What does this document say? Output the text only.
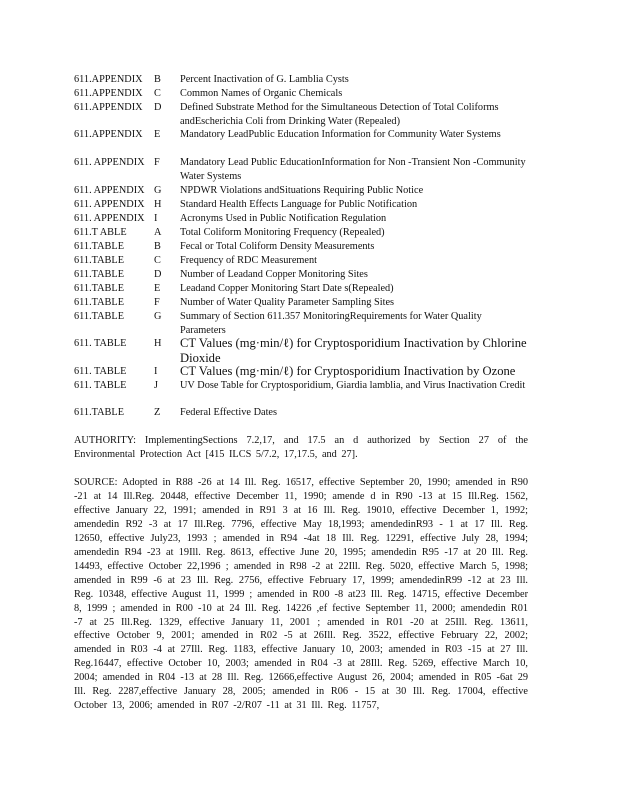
611.APPENDIX B Percent Inactivation of G. Lamblia Cysts
611.APPENDIX C Common Names of Organic Chemicals
611.APPENDIX D Defined Substrate Method for the Simultaneous Detection of Total Coliforms andEscherichia Coli from Drinking Water (Repealed)
611.APPENDIX E Mandatory LeadPublic Education Information for Community Water Systems
611. APPENDIX F Mandatory Lead Public EducationInformation for Non -Transient Non -Community Water Systems
611. APPENDIX G NPDWR Violations andSituations Requiring Public Notice
611. APPENDIX H Standard Health Effects Language for Public Notification
611. APPENDIX I Acronyms Used in Public Notification Regulation
611.T ABLE	A Total Coliform Monitoring Frequency (Repealed)
611.TABLE	B Fecal or Total Coliform Density Measurements
611.TABLE	C Frequency of RDC Measurement
611.TABLE	D Number of Leadand Copper Monitoring Sites
611.TABLE	E Leadand Copper Monitoring Start Date s(Repealed)
611.TABLE	F Number of Water Quality Parameter Sampling Sites
611.TABLE	G Summary of Section 611.357 MonitoringRequirements for Water Quality Parameters
611. TABLE	H CT Values (mg·min/ℓ) for Cryptosporidium Inactivation by Chlorine Dioxide
611. TABLE	I CT Values (mg·min/ℓ) for Cryptosporidium Inactivation by Ozone
611. TABLE	J UV Dose Table for Cryptosporidium, Giardia lamblia, and Virus Inactivation Credit
611.TABLE	Z Federal Effective Dates
AUTHORITY: ImplementingSections 7.2,17, and 17.5 an d authorized by Section 27 of the Environmental Protection Act [415 ILCS 5/7.2, 17,17.5, and 27].
SOURCE: Adopted in R88 -26 at 14 Ill. Reg. 16517, effective September 20, 1990; amended in R90 -21 at 14 Ill.Reg. 20448, effective December 11, 1990; amende d in R90 -13 at 15 Ill.Reg. 1562, effective January 22, 1991; amended in R91 3 at 16 Ill. Reg. 19010, effective December 1, 1992; amendedin R92 -3 at 17 Ill.Reg. 7796, effective May 18,1993; amendedinR93 - 1 at 17 Ill. Reg. 12650, effective July23, 1993 ; amended in R94 -4at 18 Ill. Reg. 12291, effective July 28, 1994; amendedin R94 -23 at 19Ill. Reg. 8613, effective June 20, 1995; amendedin R95 -17 at 20 Ill. Reg. 14493, effective October 22,1996 ; amended in R98 -2 at 22Ill. Reg. 5020, effective March 5, 1998; amended in R99 -6 at 23 Ill. Reg. 2756, effective February 17, 1999; amendedinR99 -12 at 23 Ill. Reg. 10348, effective August 11, 1999 ; amended in R00 -8 at23 Ill. Reg. 14715, effective December 8, 1999 ; amended in R00 -10 at 24 Ill. Reg. 14226 ,ef fective September 11, 2000; amendedin R01 -7 at 25 Ill.Reg. 1329, effective January 11, 2001 ; amended in R01 -20 at 25Ill. Reg. 13611, effective October 9, 2001; amended in R02 -5 at 26Ill. Reg. 3522, effective February 22, 2002; amended in R03 -4 at 27Ill. Reg. 1183, effective January 10, 2003; amended in R03 -15 at 27 Ill. Reg.16447, effective October 10, 2003; amended in R04 -3 at 28Ill. Reg. 5269, effective March 10, 2004; amended in R04 -13 at 28 Ill. Reg. 12666,effective August 26, 2004; amended in R05 -6at 29 Ill. Reg. 2287,effective January 28, 2005; amended in R06 - 15 at 30 Ill. Reg. 17004, effective October 13, 2006; amended in R07 -2/R07 -11 at 31 Ill. Reg. 11757,
